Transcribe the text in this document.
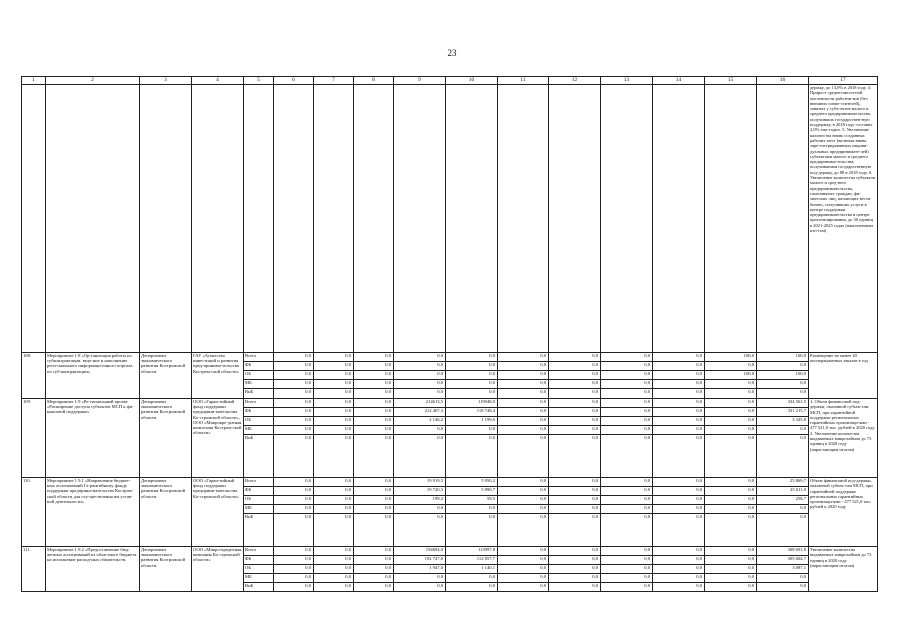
23
1	2	3	4	5	6	7	8	9	10	11	12	13	14	15	16	17
																держку, до 13,0% в 2018 году. 4. Прирост среднесписоч-ной численности работни-ков (без внешних совме-стителей), занятых у субъ-ектов малого и среднего предпринимательства, получивших государствен-ную поддержку, в 2018 году составит 2,0% еже-годно. 5. Увеличение количества вновь созданных рабочих мест (включая вновь заре-гистрированных индиви-дуальных предпринимате-лей) субъектами малого и среднего предпринима-тельства, получившими государственную под-держку, до 88 в 2018 году. 6. Увеличение количества субъектов малого и сред-него предпринимательства, самозанятых граждан, фи-зических лиц, желающих вести бизнес, получивших услуги в центре поддержки предпринимательства и центре прототипирования, до 30 единиц в 2021-2025 годах (накопленным ито-гом)
108.	Мероприятие 1.8 «Ор-ганизация работы по субконтрактации, веде-ние и наполнение реги-онального информаци-онного портала по суб-контрактации»	Департамент экономического развития Костромской области	ГАУ «Агентство инвестиций и развития пред-принима-тельства Костром-ской области»	Всего	0,0	0,0	0,0	0,0	0,0	0,0	0,0	0,0	0,0	100,0	100,0	Размещение не менее 20 кооперационных заказов в год
				ФБ	0,0	0,0	0,0	0,0	0,0	0,0	0,0	0,0	0,0	0,0	0,0	
				ОБ	0,0	0,0	0,0	0,0	0,0	0,0	0,0	0,0	0,0	100,0	100,0	
				МБ	0,0	0,0	0,0	0,0	0,0	0,0	0,0	0,0	0,0	0,0	0,0	
				ВнБ	0,0	0,0	0,0	0,0	0,0	0,0	0,0	0,0	0,0	0,0	0,0	
109.	Мероприятие 1.9 «Ре-гиональный проект «Расширение доступа субъектов МСП к фи-нансовой поддержке»	Департамент экономического развития Костромской области	ООО «Гаран-тийный фонд поддержки предприни-мательства Ко-стромской области», ООО «Микрокре-дитная компа-ния Костром-ской области»	Всего	0,0	0,0	0,0	214613,5	119948,0	0,0	0,0	0,0	0,0	0,0	334 561,5	1. Объем финансовой под-держки, оказанной субъек-там МСП, при гарантийной поддержке региональных гарантийных организаци-ями - 477 521,0 тыс. рублей к 2020 году. 2. Увеличение количества выдаваемых микрозаймов до 73 единиц в 2020 году (нарастающим итогом)
				ФБ	0,0	0,0	0,0	212 467,3	118 748,4	0,0	0,0	0,0	0,0	0,0	331 215,7	
				ОБ	0,0	0,0	0,0	2 146,2	1 199,6	0,0	0,0	0,0	0,0	0,0	3 345,8	
				МБ	0,0	0,0	0,0	0,0	0,0	0,0	0,0	0,0	0,0	0,0	0,0	
				ВнБ	0,0	0,0	0,0	0,0	0,0	0,0	0,0	0,0	0,0	0,0	0,0	
110.	Мероприятие 1.9.1 «Направление бюджет-ных ассигнований Га-рантийному фонду поддержки предприни-мательства Костром-ской области для осу-ществления им устав-ной деятельности»	Департамент экономического развития Костромской области	ООО «Гаран-тийный фонд поддержки предприни-мательства Ко-стромской области»	Всего	0,0	0,0	0,0	19 919,5	5 950,2	0,0	0,0	0,0	0,0	0,0	25 869,7	Объем финансовой под-держки, оказанной субъек-там МСП, при гарантийной поддержке региональных гарантийных организаци-ями - 477 521,0 тыс. рублей к 2020 году
				ФБ	0,0	0,0	0,0	19 720,3	5 890,7	0,0	0,0	0,0	0,0	0,0	25 611,0	
				ОБ	0,0	0,0	0,0	199,2	59,5	0,0	0,0	0,0	0,0	0,0	258,7	
				МБ	0,0	0,0	0,0	0,0	0,0	0,0	0,0	0,0	0,0	0,0	0,0	
				ВнБ	0,0	0,0	0,0	0,0	0,0	0,0	0,0	0,0	0,0	0,0	0,0	
111.	Мероприятие 1.9.2 «Предоставление бюд-жетных ассигнований из областного бюджета на исполнение расход-ных обязательств,	Департамент экономического развития Костромской области	ООО «Микро-кредитная компания Ко-стромской области»	Всего	0,0	0,0	0,0	194694,0	113997,8	0,0	0,0	0,0	0,0	0,0	308 691,8	Увеличение количества выдаваемых микрозаймов до 73 единиц в 2020 году (нарастающим итогом)
				ФБ	0,0	0,0	0,0	192 747,0	112 857,7	0,0	0,0	0,0	0,0	0,0	305 604,7	
				ОБ	0,0	0,0	0,0	1 947,0	1 140,1	0,0	0,0	0,0	0,0	0,0	3 087,1	
				МБ	0,0	0,0	0,0	0,0	0,0	0,0	0,0	0,0	0,0	0,0	0,0	
				ВнБ	0,0	0,0	0,0	0,0	0,0	0,0	0,0	0,0	0,0	0,0	0,0	
